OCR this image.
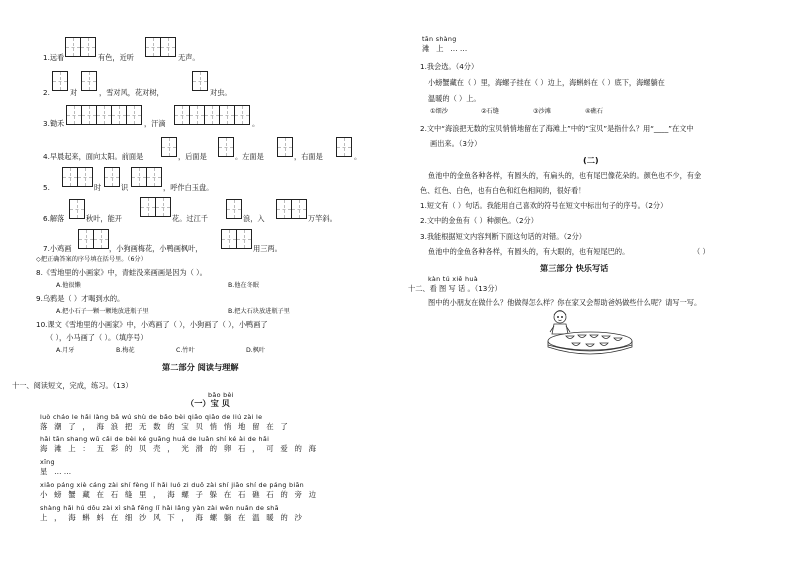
1.远看	有色，近听	无声。
2.	对	，雪对风，花对树，	对虫。
3.锄禾	，汗滴	。
4.早晨起来，面向太阳。前面是	，后面是	。左面是	，右面是	。
5.	时	识	，呼作白玉盘。
6.解落	秋叶，能开	花。过江千	浪，入	万竿斜。
7.小鸡画	，小狗画梅花，小鸭画枫叶，	用三两。
◇把正确答案的序号填在括号里。（6分）
8.《雪地里的小画家》中，青蛙没来画画是因为（ ）。
A.他很懒	B.他在冬眠
9.乌鸦是（ ）才喝到水的。
A.把小石子一颗一颗地放进瓶子里	B.把大石块放进瓶子里
10.课文《雪地里的小画家》中，小鸡画了（ ），小狗画了（ ），小鸭画了
（ ），小马画了（ ）。（填序号）
A.月牙	B.梅花	C.竹叶	D.枫叶
第二部分 阅读与理解
十一、阅读短文，完成，练习。（13）
bǎo bèi
（一）宝 贝
luò cháo le hǎi làng bǎ wú shù de bǎo bèi qiāo qiāo de liú zài le
落 潮 了 ， 海 浪 把 无 数 的 宝 贝 悄 悄 地 留 在 了
hǎi tān shang wǔ cǎi de bèi ké guāng huá de luǎn shí ké ài de hǎi
海 滩 上 ： 五 彩 的 贝 壳 ， 光 滑 的 卵 石 ， 可 爱 的 海
xīng
星 ……
xiǎo páng xiè cáng zài shí fèng lǐ hǎi luó zi duǒ zài shí jiāo shí de páng biān
小 螃 蟹 藏 在 石 缝 里 ， 海 螺 子 躲 在 石 礁 石 的 旁 边
shàng hǎi hú dǒu zài xì shā fēng lǐ hǎi lǎng yàn zài wēn nuǎn de shā
上 ， 海 蝌 蚪 在 细 沙 风 下 ， 海 螺 躺 在 温 暖 的 沙
tān shàng
滩 上 ……
1.我会选。（4分）
小螃蟹藏在（ ）里，海螺子挂在（ ）边上，海蝌蚪在（ ）底下，海螺躺在
温暖的（ ）上。
①细沙	②石缝	③沙滩	④礁石
2.文中“海浪把无数的宝贝悄悄地留在了海滩上”中的“宝贝”是指什么？用“____”在文中
画出来。（3分）
(二)
鱼池中的金鱼各种各样，有圆头的，有扁头的，也有尾巴像花朵的。颜色也不少，有金
色、红色、白色，也有白色和红色相间的，很好看！
1.短文有（ ）句话。我能用自己喜欢的符号在短文中标出句子的序号。（2分）
2.文中的金鱼有（ ）种颜色。（2分）
3.我能根据短文内容判断下面这句话的对错。（2分）
鱼池中的金鱼各种各样，有圆头的，有大眼的，也有短尾巴的。	（ ）
第三部分 快乐写话
kàn tú xiě huà
十二、看 图 写 话 。（13分）
图中的小朋友在做什么？他做得怎么样？你在家又会帮助爸妈做些什么呢？请写一写。
